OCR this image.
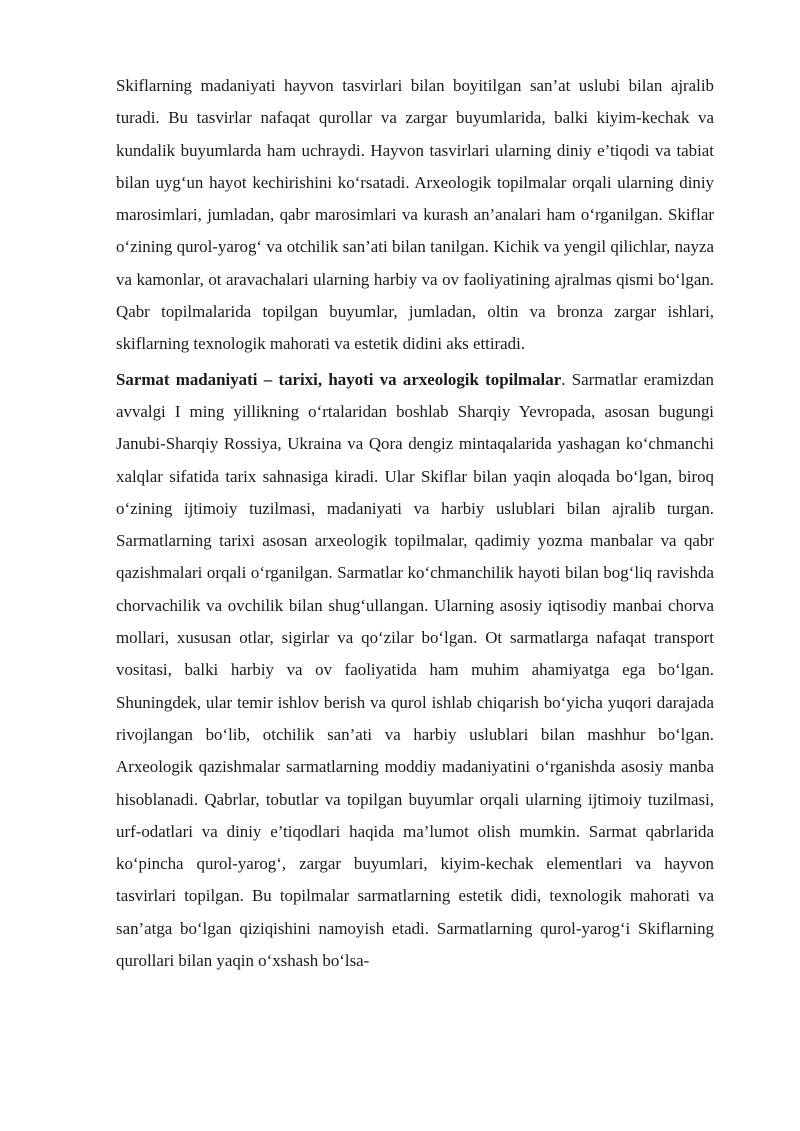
Skiflarning madaniyati hayvon tasvirlari bilan boyitilgan san’at uslubi bilan ajralib turadi. Bu tasvirlar nafaqat qurollar va zargar buyumlarida, balki kiyim-kechak va kundalik buyumlarda ham uchraydi. Hayvon tasvirlari ularning diniy e’tiqodi va tabiat bilan uyg‘un hayot kechirishini ko‘rsatadi. Arxeologik topilmalar orqali ularning diniy marosimlari, jumladan, qabr marosimlari va kurash an’analari ham o‘rganilgan. Skiflar o‘zining qurol-yarog‘ va otchilik san’ati bilan tanilgan. Kichik va yengil qilichlar, nayza va kamonlar, ot aravachalari ularning harbiy va ov faoliyatining ajralmas qismi bo‘lgan. Qabr topilmalarida topilgan buyumlar, jumladan, oltin va bronza zargar ishlari, skiflarning texnologik mahorati va estetik didini aks ettiradi.

Sarmat madaniyati – tarixi, hayoti va arxeologik topilmalar. Sarmatlar eramizdan avvalgi I ming yillikning o‘rtalaridan boshlab Sharqiy Yevropada, asosan bugungi Janubi-Sharqiy Rossiya, Ukraina va Qora dengiz mintaqalarida yashagan ko‘chmanchi xalqlar sifatida tarix sahnasiga kiradi. Ular Skiflar bilan yaqin aloqada bo‘lgan, biroq o‘zining ijtimoiy tuzilmasi, madaniyati va harbiy uslublari bilan ajralib turgan. Sarmatlarning tarixi asosan arxeologik topilmalar, qadimiy yozma manbalar va qabr qazishmalari orqali o‘rganilgan. Sarmatlar ko‘chmanchilik hayoti bilan bog‘liq ravishda chorvachilik va ovchilik bilan shug‘ullangan. Ularning asosiy iqtisodiy manbai chorva mollari, xususan otlar, sigirlar va qo‘zilar bo‘lgan. Ot sarmatlarga nafaqat transport vositasi, balki harbiy va ov faoliyatida ham muhim ahamiyatga ega bo‘lgan. Shuningdek, ular temir ishlov berish va qurol ishlab chiqarish bo‘yicha yuqori darajada rivojlangan bo‘lib, otchilik san’ati va harbiy uslublari bilan mashhur bo‘lgan. Arxeologik qazishmalar sarmatlarning moddiy madaniyatini o‘rganishda asosiy manba hisoblanadi. Qabrlar, tobutlar va topilgan buyumlar orqali ularning ijtimoiy tuzilmasi, urf-odatlari va diniy e’tiqodlari haqida ma’lumot olish mumkin. Sarmat qabrlarida ko‘pincha qurol-yarog‘, zargar buyumlari, kiyim-kechak elementlari va hayvon tasvirlari topilgan. Bu topilmalar sarmatlarning estetik didi, texnologik mahorati va san’atga bo‘lgan qiziqishini namoyish etadi. Sarmatlarning qurol-yarog‘i Skiflarning qurollari bilan yaqin o‘xshash bo‘lsa-
